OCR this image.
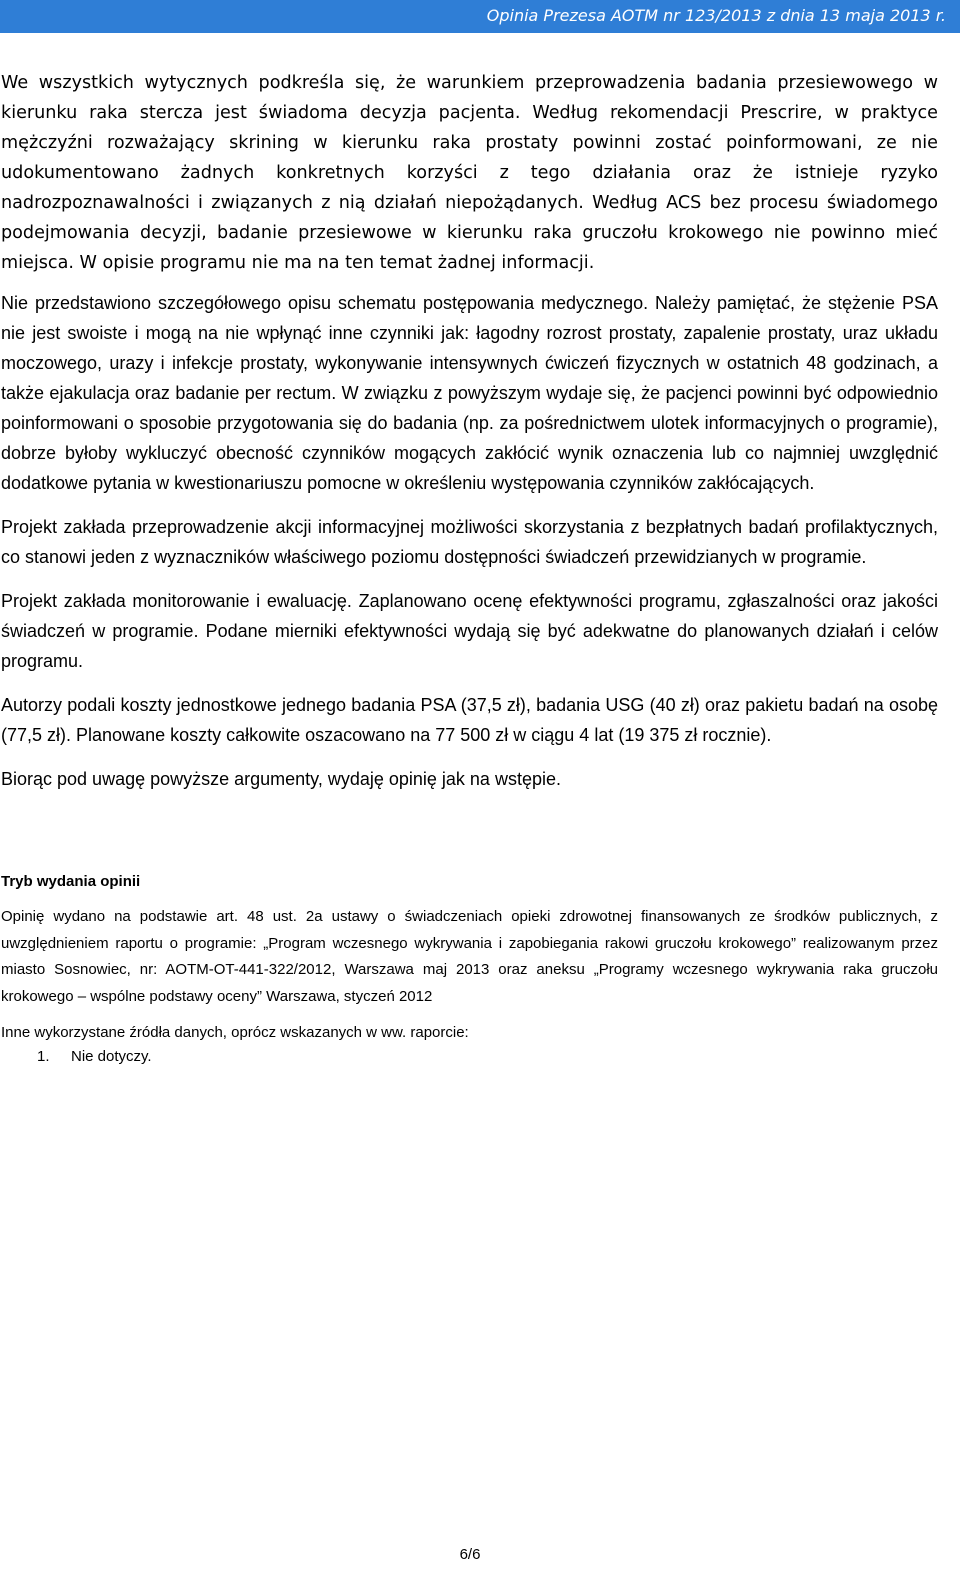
Opinia Prezesa AOTM nr 123/2013 z dnia 13 maja 2013 r.

We wszystkich wytycznych podkreśla się, że warunkiem przeprowadzenia badania przesiewowego w kierunku raka stercza jest świadoma decyzja pacjenta. Według rekomendacji Prescrire, w praktyce mężczyźni rozważający skrining w kierunku raka prostaty powinni zostać poinformowani, ze nie udokumentowano żadnych konkretnych korzyści z tego działania oraz że istnieje ryzyko nadrozpoznawalności i związanych z nią działań niepożądanych. Według ACS bez procesu świadomego podejmowania decyzji, badanie przesiewowe w kierunku raka gruczołu krokowego nie powinno mieć miejsca. W opisie programu nie ma na ten temat żadnej informacji.

Nie przedstawiono szczegółowego opisu schematu postępowania medycznego. Należy pamiętać, że stężenie PSA nie jest swoiste i mogą na nie wpłynąć inne czynniki jak: łagodny rozrost prostaty, zapalenie prostaty, uraz układu moczowego, urazy i infekcje prostaty, wykonywanie intensywnych ćwiczeń fizycznych w ostatnich 48 godzinach, a także ejakulacja oraz badanie per rectum. W związku z powyższym wydaje się, że pacjenci powinni być odpowiednio poinformowani o sposobie przygotowania się do badania (np. za pośrednictwem ulotek informacyjnych o programie), dobrze byłoby wykluczyć obecność czynników mogących zakłócić wynik oznaczenia lub co najmniej uwzględnić dodatkowe pytania w kwestionariuszu pomocne w określeniu występowania czynników zakłócających.

Projekt zakłada przeprowadzenie akcji informacyjnej możliwości skorzystania z bezpłatnych badań profilaktycznych, co stanowi jeden z wyznaczników właściwego poziomu dostępności świadczeń przewidzianych w programie.

Projekt zakłada monitorowanie i ewaluację. Zaplanowano ocenę efektywności programu, zgłaszalności oraz jakości świadczeń w programie. Podane mierniki efektywności wydają się być adekwatne do planowanych działań i celów programu.

Autorzy podali koszty jednostkowe jednego badania PSA (37,5 zł), badania USG (40 zł) oraz pakietu badań na osobę (77,5 zł). Planowane koszty całkowite oszacowano na 77 500 zł w ciągu 4 lat (19 375 zł rocznie).

Biorąc pod uwagę powyższe argumenty, wydaję opinię jak na wstępie.

Tryb wydania opinii

Opinię wydano na podstawie art. 48 ust. 2a ustawy o świadczeniach opieki zdrowotnej finansowanych ze środków publicznych, z uwzględnieniem raportu o programie: „Program wczesnego wykrywania i zapobiegania rakowi gruczołu krokowego” realizowanym przez miasto Sosnowiec, nr: AOTM-OT-441-322/2012, Warszawa maj 2013 oraz aneksu „Programy wczesnego wykrywania raka gruczołu krokowego – wspólne podstawy oceny” Warszawa, styczeń 2012

Inne wykorzystane źródła danych, oprócz wskazanych w ww. raporcie:

1. Nie dotyczy.
6/6
